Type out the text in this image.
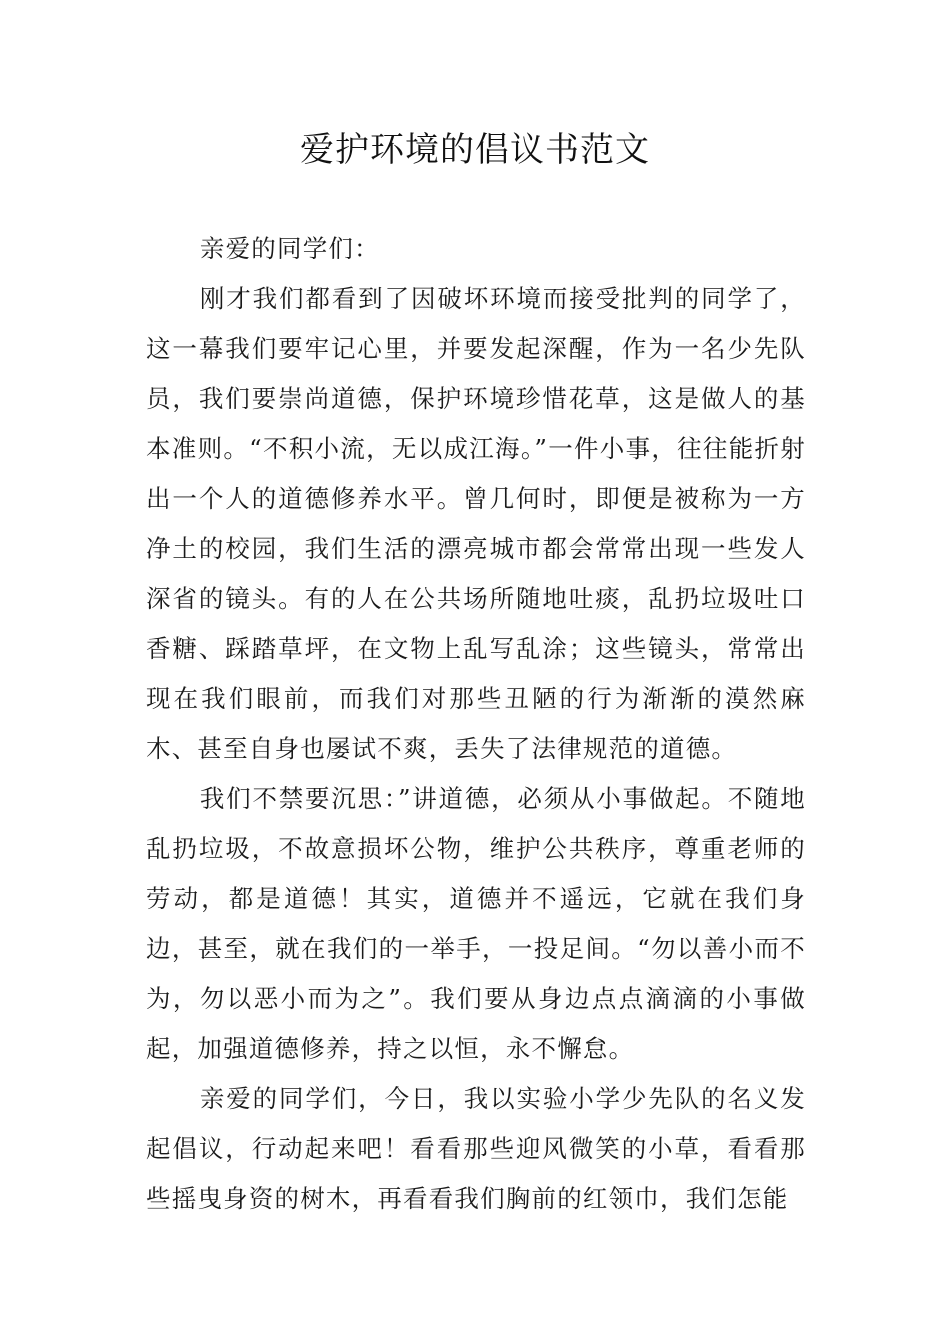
爱护环境的倡议书范文

亲爱的同学们：

刚才我们都看到了因破坏环境而接受批判的同学了，这一幕我们要牢记心里，并要发起深醒，作为一名少先队员，我们要崇尚道德，保护环境珍惜花草，这是做人的基本准则。“不积小流，无以成江海。”一件小事，往往能折射出一个人的道德修养水平。曾几何时，即便是被称为一方净土的校园，我们生活的漂亮城市都会常常出现一些发人深省的镜头。有的人在公共场所随地吐痰，乱扔垃圾吐口香糖、踩踏草坪，在文物上乱写乱涂；这些镜头，常常出现在我们眼前，而我们对那些丑陋的行为渐渐的漠然麻木、甚至自身也屡试不爽，丢失了法律规范的道德。

我们不禁要沉思：”讲道德，必须从小事做起。不随地乱扔垃圾，不故意损坏公物，维护公共秩序，尊重老师的劳动，都是道德！其实，道德并不遥远，它就在我们身边，甚至，就在我们的一举手，一投足间。“勿以善小而不为，勿以恶小而为之”。我们要从身边点点滴滴的小事做起，加强道德修养，持之以恒，永不懈怠。

亲爱的同学们，今日，我以实验小学少先队的名义发起倡议，行动起来吧！看看那些迎风微笑的小草，看看那些摇曳身资的树木，再看看我们胸前的红领巾，我们怎能
